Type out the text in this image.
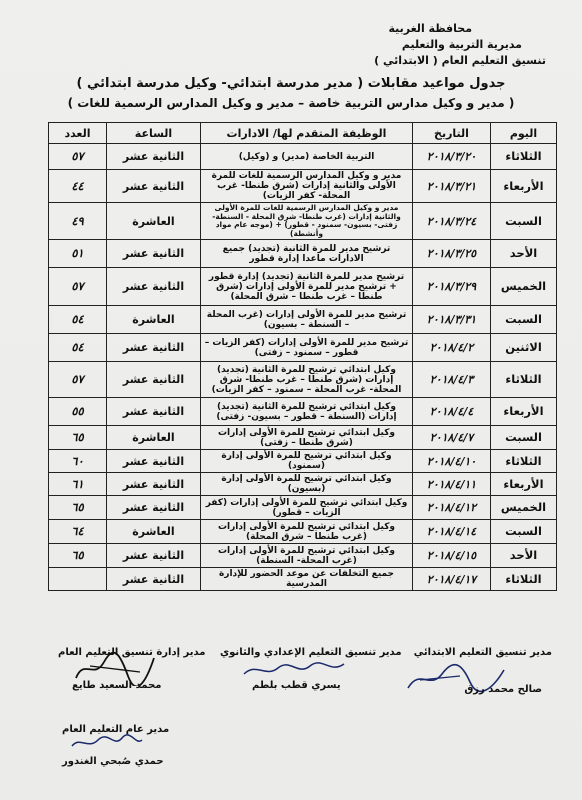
محافظة الغربية
مديرية التربية والتعليم
تنسيق التعليم العام ( الابتدائي )
جدول مواعيد مقابلات ( مدير مدرسة ابتدائي- وكيل مدرسة ابتدائي )
( مدير و وكيل مدارس التربية خاصة – مدير و وكيل المدارس الرسمية للغات )
اليوم	التاريخ	الوظيفة المتقدم لها/ الادارات	الساعة	العدد
الثلاثاء	٢٠١٨/٣/٢٠	التربية الخاصة (مدير) و (وكيل)	الثانية عشر	٥٧
الأربعاء	٢٠١٨/٣/٢١	مدير و وكيل المدارس الرسمية للغات للمرة الأولى والثانية إدارات (شرق طنطا- غرب المحلة- كفر الزيات)	الثانية عشر	٤٤
السبت	٢٠١٨/٣/٢٤	مدير و وكيل المدارس الرسمية للغات للمرة الأولى والثانية إدارات (غرب طنطا- شرق المحلة - السنطة- زفتى- بسيون- سمنود - قطور) + (موجه عام مواد وأنشطة)	العاشرة	٤٩
الأحد	٢٠١٨/٣/٢٥	ترشيح مدير للمرة الثانية (تجديد) جميع الادارات ماعدا إدارة قطور	الثانية عشر	٥١
الخميس	٢٠١٨/٣/٢٩	ترشيح مدير للمرة الثانية (تجديد) إدارة قطور + ترشيح مدير للمرة الأولى إدارات (شرق طنطا – غرب طنطا – شرق المحلة)	الثانية عشر	٥٧
السبت	٢٠١٨/٣/٣١	ترشيح مدير للمرة الأولى إدارات (غرب المحلة – السنطة – بسيون)	العاشرة	٥٤
الاثنين	٢٠١٨/٤/٢	ترشيح مدير للمرة الأولى إدارات (كفر الزيات – قطور – سمنود – زفتى)	الثانية عشر	٥٤
الثلاثاء	٢٠١٨/٤/٣	وكيل ابتدائي ترشيح للمرة الثانية (تجديد) إدارات (شرق طنطا – غرب طنطا- شرق المحلة- غرب المحلة – سمنود – كفر الزيات)	الثانية عشر	٥٧
الأربعاء	٢٠١٨/٤/٤	وكيل ابتدائي ترشيح للمرة الثانية (تجديد) إدارات (السنطة – قطور – بسيون- زفتى)	الثانية عشر	٥٥
السبت	٢٠١٨/٤/٧	وكيل ابتدائي ترشيح للمرة الأولى إدارات (شرق طنطا – زفتى)	العاشرة	٦٥
الثلاثاء	٢٠١٨/٤/١٠	وكيل ابتدائي ترشيح للمرة الأولى إدارة (سمنود)	الثانية عشر	٦٠
الأربعاء	٢٠١٨/٤/١١	وكيل ابتدائي ترشيح للمرة الأولى إدارة (بسيون)	الثانية عشر	٦١
الخميس	٢٠١٨/٤/١٢	وكيل ابتدائي ترشيح للمرة الأولى إدارات (كفر الزيات – قطور)	الثانية عشر	٦٥
السبت	٢٠١٨/٤/١٤	وكيل ابتدائي ترشيح للمرة الأولى إدارات (غرب طنطا – شرق المحلة)	العاشرة	٦٤
الأحد	٢٠١٨/٤/١٥	وكيل ابتدائي ترشيح للمرة الأولى إدارات (غرب المحلة- السنطة)	الثانية عشر	٦٥
الثلاثاء	٢٠١٨/٤/١٧	جميع التخلفات عن موعد الحضور للإدارة المدرسية	الثانية عشر	
مدير تنسيق التعليم الابتدائي
مدير تنسيق التعليم الإعدادي والثانوي
مدير إدارة تنسيق التعليم العام
صالح محمد رزق
يسري قطب بلطم
محمد السعيد طايع
مدير عام التعليم العام
حمدي صُبحي الغندور
